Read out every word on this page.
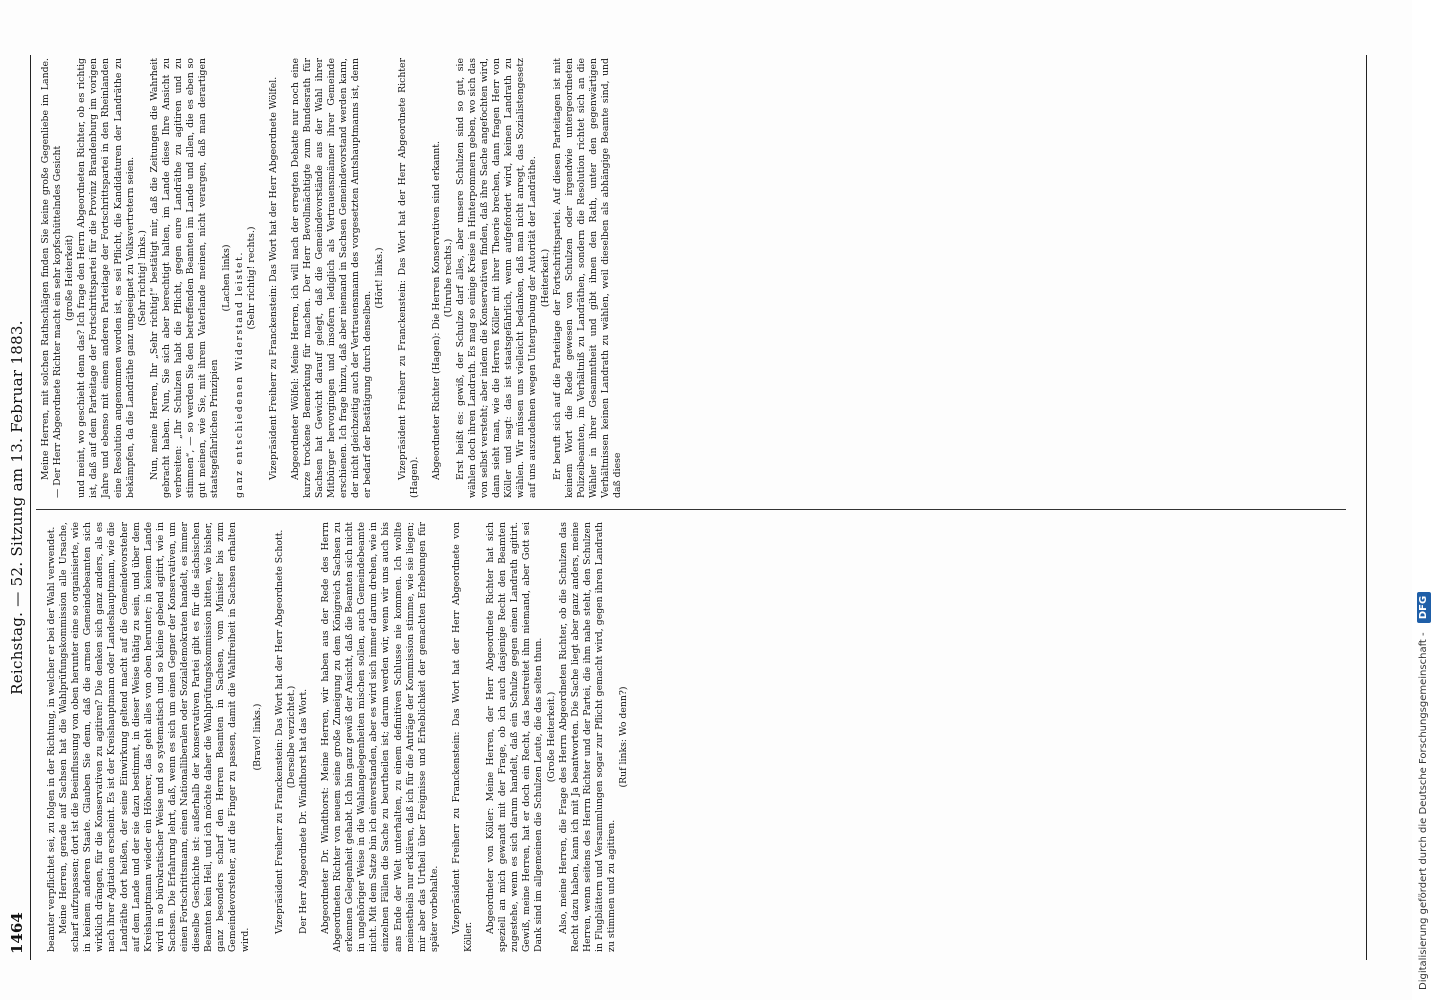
1464
Reichstag. — 52. Sitzung am 13. Februar 1883.

beamter verpflichtet sei, zu folgen in der Richtung, in welcher er bei der Wahl verwendet. Meine Herren, gerade auf Sachsen hat die Wahlprüfungskommission alle Ursache, scharf aufzupassen; dort ist die Beeinflussung von oben herunter eine so organisierte, wie in keinem anderen Staate. Glauben Sie denn, daß die armen Gemeindebeamten sich wirklich drängen, für die Konservativen zu agitiren? Die denken sich ganz anders, als es nach ihrer Agitation erscheint. Es ist der Kreishauptmann oder Landeshauptmann, wie die Landräthe dort heißen, der seine Einwirkung geltend macht auf die Gemeindevorsteher auf dem Lande und der sie dazu bestimmt, in dieser Weise thätig zu sein, und über dem Kreishauptmann wieder ein Höherer, das geht alles von oben herunter; in keinem Lande wird in so bürokratischer Weise und so systematisch und so kleine gebend agitirt, wie in Sachsen. Die Erfahrung lehrt, daß, wenn es sich um einen Gegner der Konservativen, um einen Fortschrittsmann, einen Nationalliberalen oder Sozialdemokraten handelt, es immer dieselbe Geschichte ist: außerhalb der konservativen Partei gibt es für die sächsischen Beamten kein Heil, und ich möchte daher die Wahlprüfungskommission bitten, wie bisher, ganz besonders scharf den Herren Beamten in Sachsen, vom Minister bis zum Gemeindevorsteher, auf die Finger zu passen, damit die Wahlfreiheit in Sachsen erhalten wird.

(Bravo! links.) Vizepräsident Freiherr zu Franckenstein: Das Wort hat der Herr Abgeordnete Schott. (Derselbe verzichtet.) Der Herr Abgeordnete Dr. Windthorst hat das Wort. Abgeordneter Dr. Windthorst: Meine Herren, wir haben aus der Rede des Herrn Abgeordneten Richter von neuem seine große Zuneigung zu dem Königreich Sachsen zu erkennen Gelegenheit gehabt. Ich bin ganz gewiß der Ansicht, daß die Beamten sich nicht in ungehöriger Weise in die Wahlangelegenheiten mischen sollen, auch Gemeindebeamte nicht. Mit dem Satze bin ich einverstanden, aber es wird sich immer darum drehen, wie in einzelnen Fällen die Sache zu beurtheilen ist; darum werden wir, wenn wir uns auch bis ans Ende der Welt unterhalten, zu einem definitiven Schlusse nie kommen. Ich wollte meinestheils nur erklären, daß ich für die Anträge der Kommission stimme, wie sie liegen; mir aber das Urtheil über Ereignisse und Erheblichkeit der gemachten Erhebungen für später vorbehalte. Vizepräsident Freiherr zu Franckenstein: Das Wort hat der Herr Abgeordnete von Köller.

Abgeordneter von Köller: Meine Herren, der Herr Abgeordnete Richter hat sich speziell an mich gewandt mit der Frage, ob ich auch dasjenige Recht den Beamten zugestehe, wenn es sich darum handelt, daß ein Schulze gegen einen Landrath agitirt. Gewiß, meine Herren, hat er doch ein Recht, das bestreitet ihm niemand, aber Gott sei Dank sind im allgemeinen die Schulzen Leute, die das selten thun. (Große Heiterkeit.) Also, meine Herren, die Frage des Herrn Abgeordneten Richter, ob die Schulzen das Recht dazu haben, kann ich mit Ja beantworten. Die Sache liegt aber ganz anders, meine Herren, wenn seitens des Herrn Richter und der Partei, die ihm nahe steht, den Schulzen in Flugblättern und Versammlungen sogar zur Pflicht gemacht wird, gegen ihren Landrath zu stimmen und zu agitiren.

(Ruf links: Wo denn?)

Meine Herren, mit solchen Rathschlägen finden Sie keine große Gegenliebe im Lande. — Der Herr Abgeordnete Richter macht ein sehr kopfschüttelndes Gesicht (große Heiterkeit) und meint, wo geschieht denn das? Ich frage den Herrn Abgeordneten Richter, ob es richtig ist, daß auf dem Parteitage der Fortschrittspartei für die Provinz Brandenburg im vorigen Jahre und ebenso mit einem anderen Parteitage der Fortschrittspartei in den Rheinlanden eine Resolution angenommen worden ist, es sei Pflicht, die Kandidaturen der Landräthe zu bekämpfen, da die Landräthe ganz ungeeignet zu Volksvertretern seien. (Sehr richtig! links.) Nun, meine Herren, Ihr „Sehr richtig!“ bestätigt mir, daß die Zeitungen die Wahrheit gebracht haben. Nun, Sie sich aber berechtigt halten, im Lande diese Ihre Ansicht zu verbreiten: „Ihr Schulzen habt die Pflicht, gegen eure Landräthe zu agitiren und zu stimmen“, — so werden Sie den betreffenden Beamten im Lande und allen, die es eben so gut meinen, wie Sie, mit ihrem Vaterlande meinen, nicht verargen, daß man derartigen staatsgefährlichen Prinzipien

(Lachen links) ganz entschiedenen Widerstand leistet. (Sehr richtig! rechts.) Vizepräsident Freiherr zu Franckenstein: Das Wort hat der Herr Abgeordnete Wölfel. Abgeordneter Wölfel: Meine Herren, ich will nach der erregten Debatte nur noch eine kurze trockene Bemerkung für machen. Der Herr Bevollmächtigte zum Bundesrath für Sachsen hat Gewicht darauf gelegt, daß die Gemeindevorstände aus der Wahl ihrer Mitbürger hervorgingen und insofern lediglich als Vertrauensmänner ihrer Gemeinde erschienen. Ich frage hinzu, daß aber niemand in Sachsen Gemeindevorstand werden kann, der nicht gleichzeitig auch der Vertrauensmann des vorgesetzten Amtshauptmanns ist, denn er bedarf der Bestätigung durch denselben.

(Hört! links.) Vizepräsident Freiherr zu Franckenstein: Das Wort hat der Herr Abgeordnete Richter (Hagen). Abgeordneter Richter (Hagen): Die Herren Konservativen sind erkannt. (Unruhe rechts.) Erst heißt es: gewiß, der Schulze darf alles, aber unsere Schulzen sind so gut, sie wählen doch ihren Landrath. Es mag so einige Kreise in Hinterpommern geben, wo sich das von selbst versteht; aber indem die Konservativen finden, daß ihre Sache angefochten wird, dann sieht man, wie die Herren Köller mit ihrer Theorie brechen, dann fragen Herr von Köller und sagt: das ist staatsgefährlich, wenn aufgefordert wird, keinen Landrath zu wählen. Wir müssen uns vielleicht bedanken, daß man nicht anregt, das Sozialistengesetz auf uns auszudehnen wegen Untergrabung der Autorität der Landräthe. (Heiterkeit.) Er beruft sich auf die Parteitage der Fortschrittspartei. Auf diesen Parteitagen ist mit keinem Wort die Rede gewesen von Schulzen oder irgendwie untergeordneten Polizeibeamten, im Verhältniß zu Landräthen, sondern die Resolution richtet sich an die Wähler in ihrer Gesammtheit und gibt ihnen den Rath, unter den gegenwärtigen Verhältnissen keinen Landrath zu wählen, weil dieselben als abhängige Beamte sind, und daß diese

Digitalisierung gefördert durch die Deutsche Forschungsgemeinschaft - DFG
